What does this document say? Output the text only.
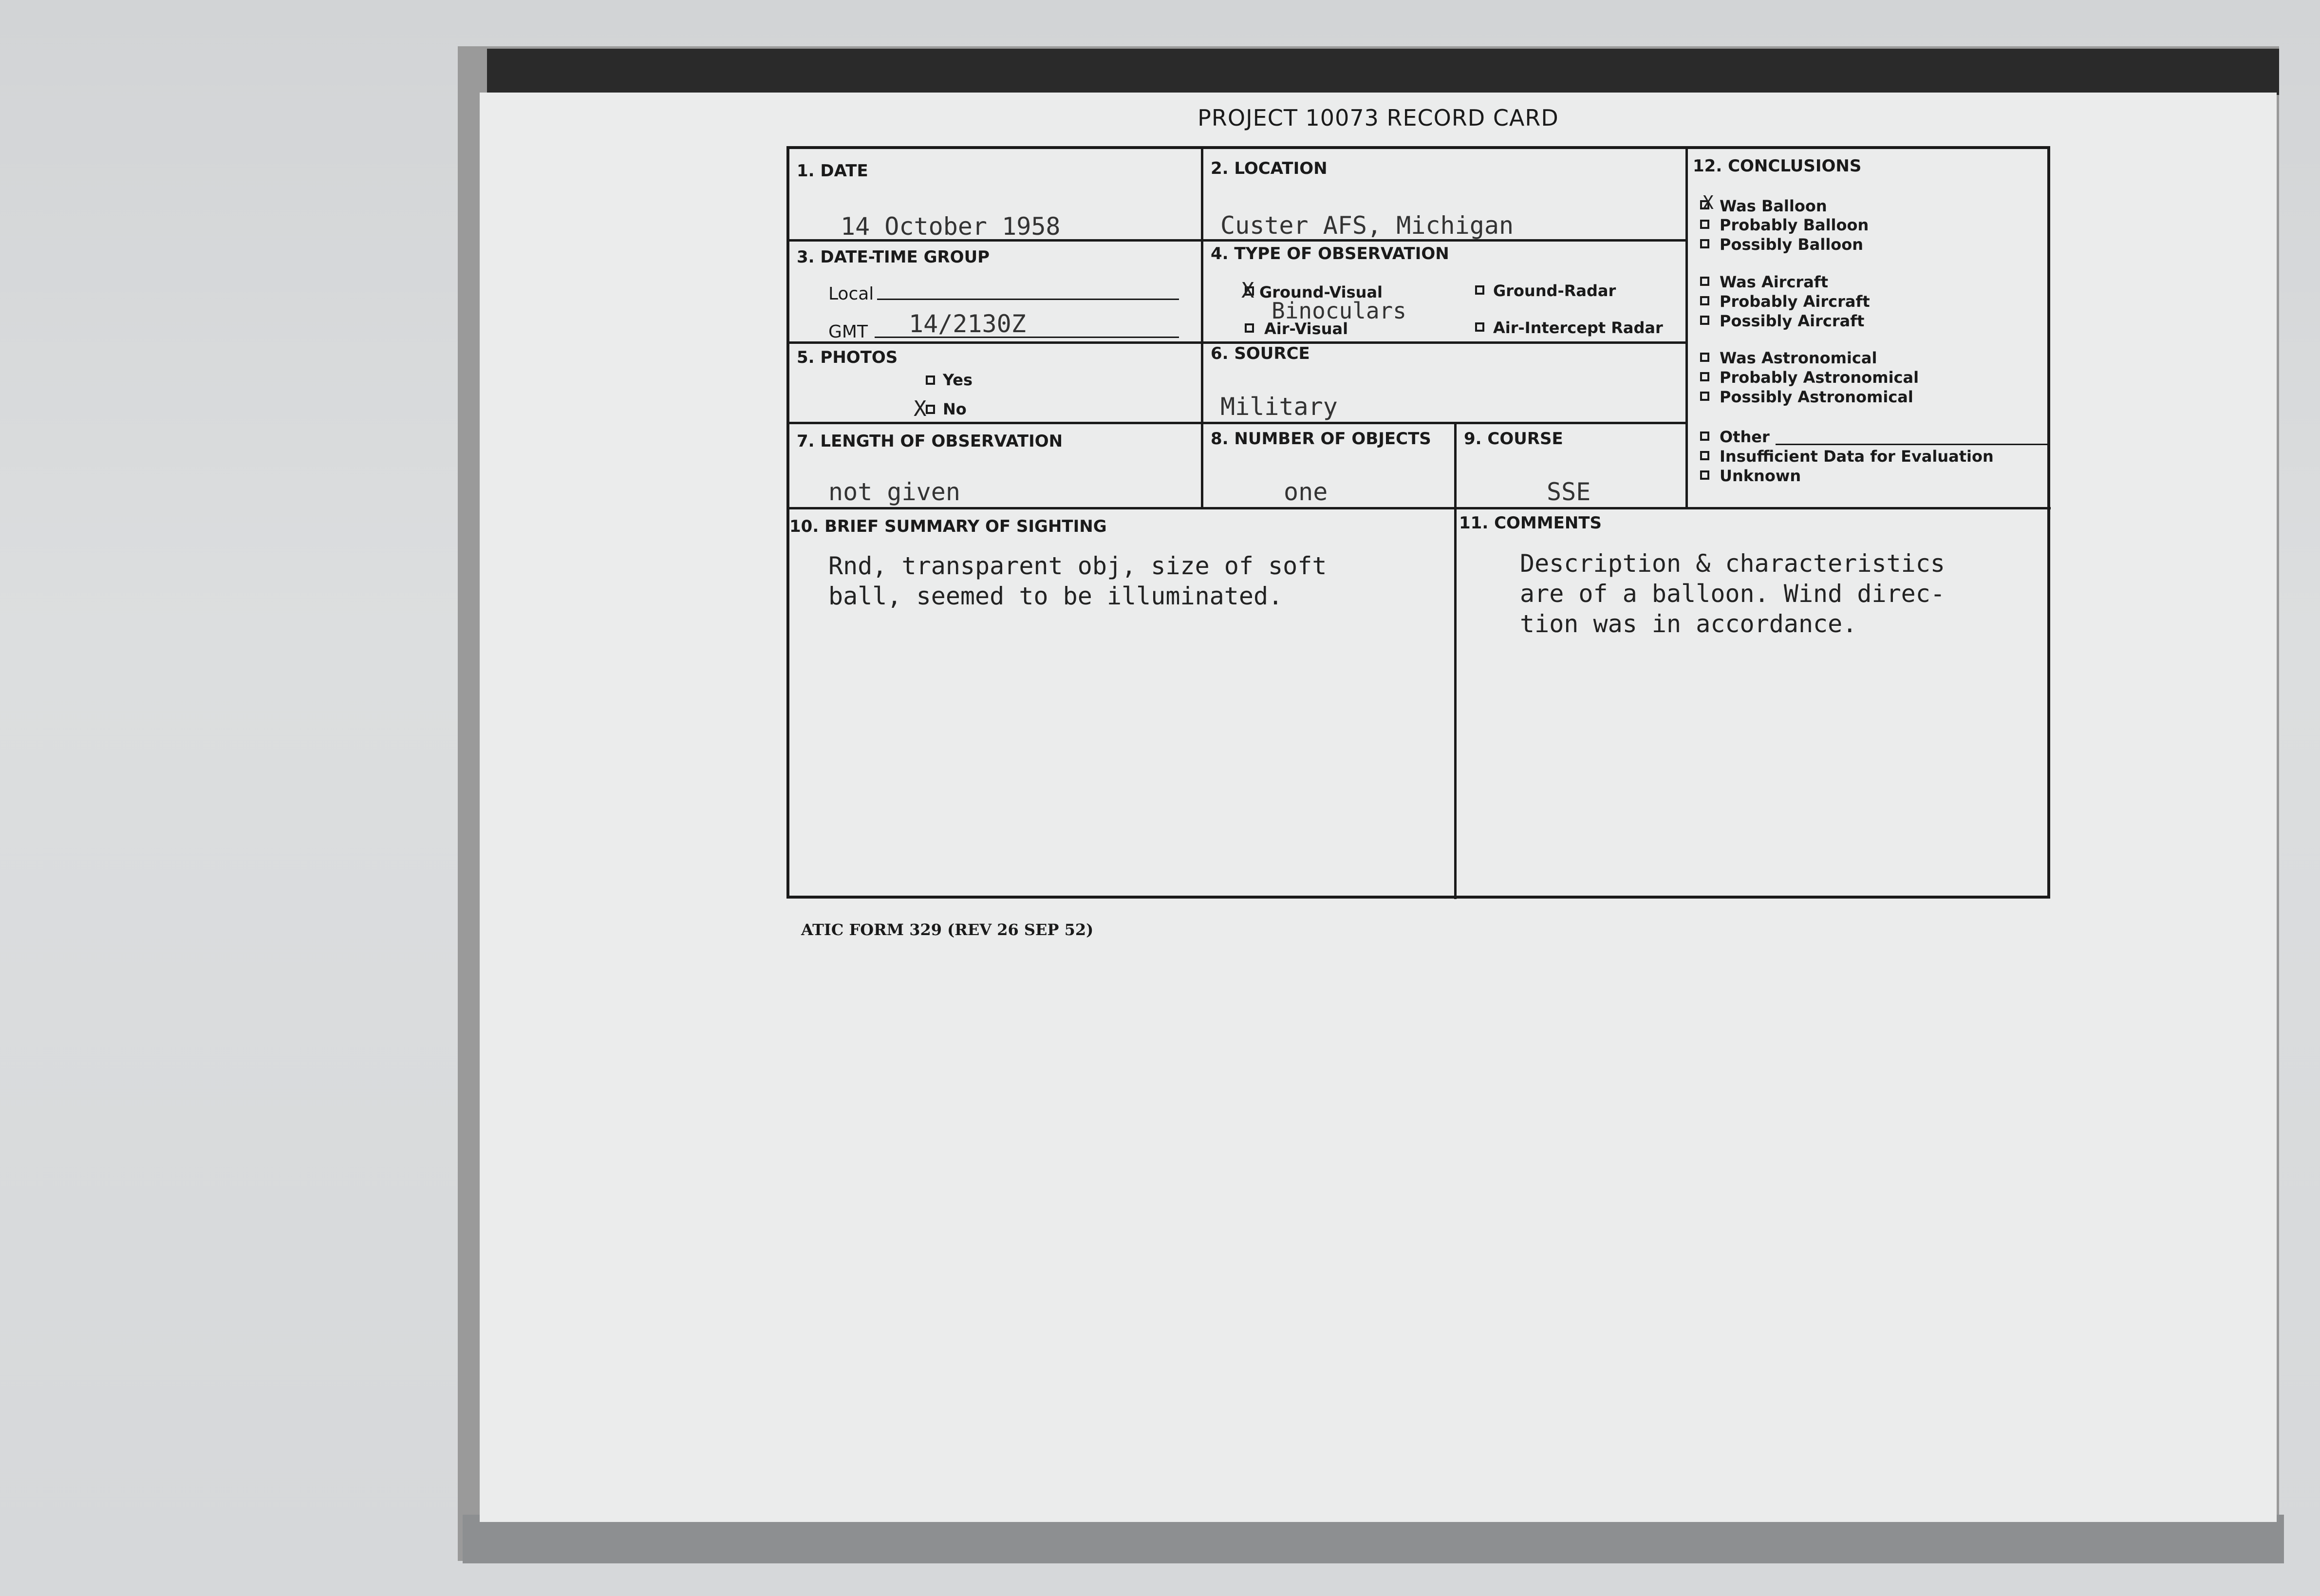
PROJECT 10073 RECORD CARD
1. DATE
14 October 1958
2. LOCATION
Custer AFS, Michigan
3. DATE-TIME GROUP
Local
GMT 14/2130Z
4. TYPE OF OBSERVATION
X Ground-Visual	Ground-Radar
Binoculars
Air-Visual	Air-Intercept Radar
5. PHOTOS
Yes
X No
6. SOURCE
Military
7. LENGTH OF OBSERVATION
not given
8. NUMBER OF OBJECTS
one
9. COURSE
SSE
10. BRIEF SUMMARY OF SIGHTING
Rnd, transparent obj, size of soft
ball, seemed to be illuminated.
11. COMMENTS
Description & characteristics
are of a balloon. Wind direc-
tion was in accordance.
12. CONCLUSIONS
X Was Balloon
Probably Balloon
Possibly Balloon
Was Aircraft
Probably Aircraft
Possibly Aircraft
Was Astronomical
Probably Astronomical
Possibly Astronomical
Other
Insufficient Data for Evaluation
Unknown
ATIC FORM 329 (REV 26 SEP 52)
